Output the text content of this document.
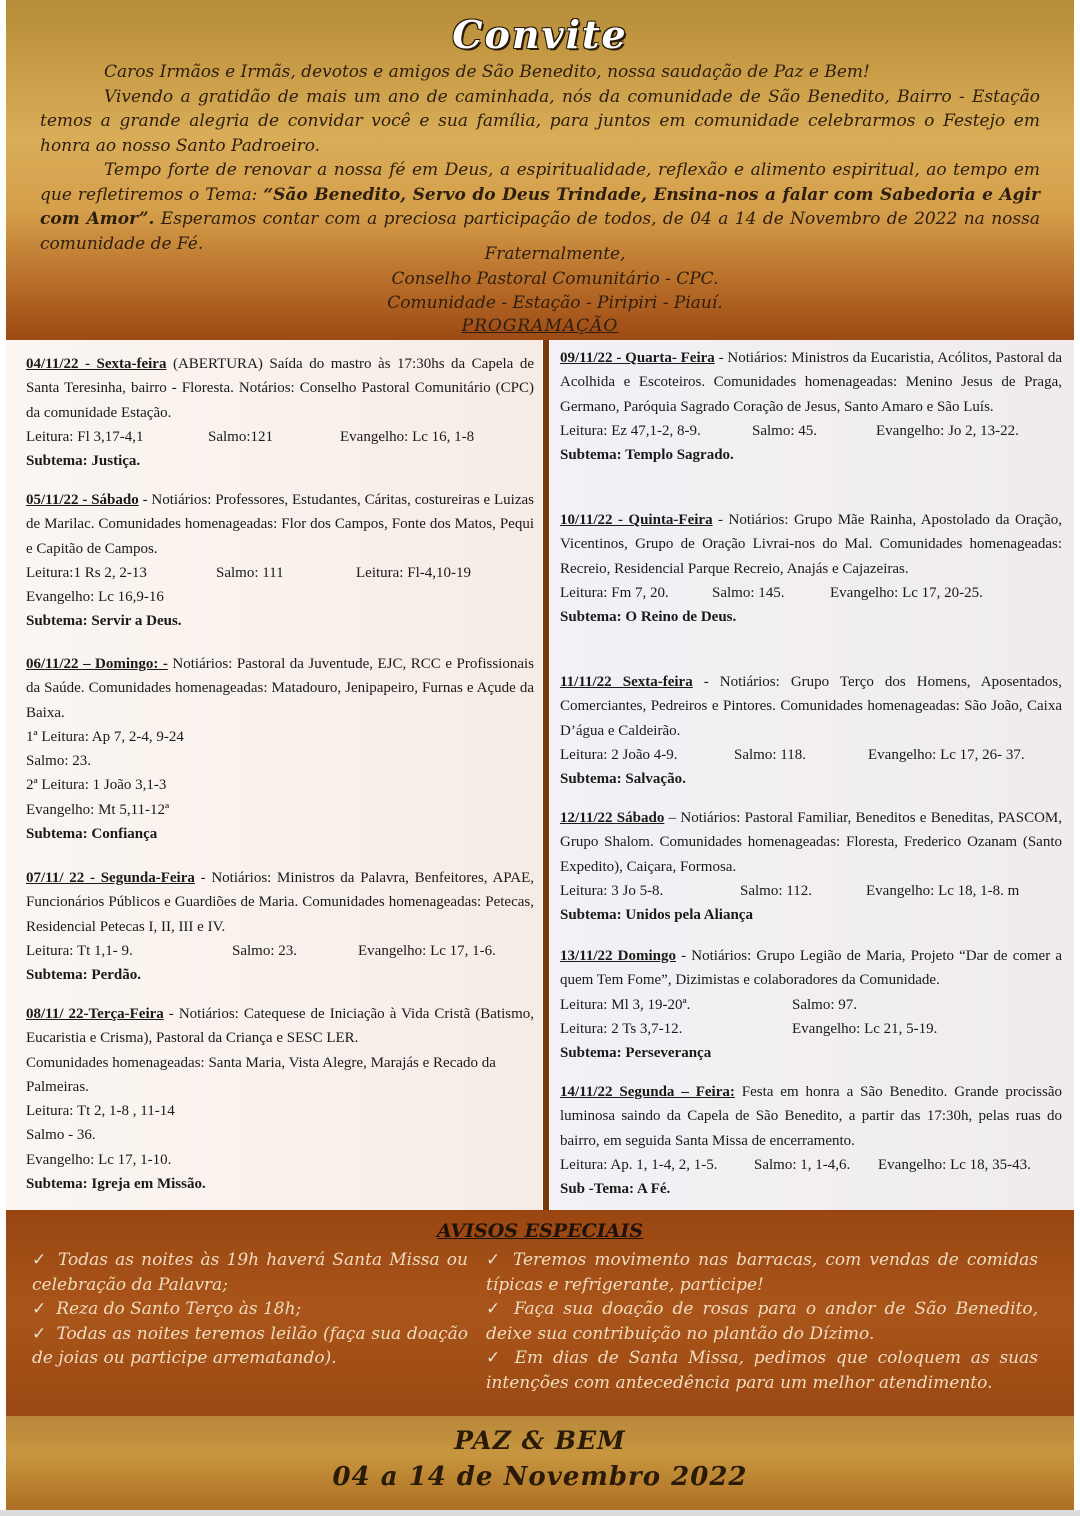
Convite

Caros Irmãos e Irmãs, devotos e amigos de São Benedito, nossa saudação de Paz e Bem!

Vivendo a gratidão de mais um ano de caminhada, nós da comunidade de São Benedito, Bairro - Estação temos a grande alegria de convidar você e sua família, para juntos em comunidade celebrarmos o Festejo em honra ao nosso Santo Padroeiro.

Tempo forte de renovar a nossa fé em Deus, a espiritualidade, reflexão e alimento espiritual, ao tempo em que refletiremos o Tema: “São Benedito, Servo do Deus Trindade, Ensina-nos a falar com Sabedoria e Agir com Amor”. Esperamos contar com a preciosa participação de todos, de 04 a 14 de Novembro de 2022 na nossa comunidade de Fé.

Fraternalmente,
Conselho Pastoral Comunitário - CPC.
Comunidade - Estação - Piripiri - Piauí.
PROGRAMAÇÃO
04/11/22 - Sexta-feira (ABERTURA) Saída do mastro às 17:30hs da Capela de Santa Teresinha, bairro - Floresta. Notários: Conselho Pastoral Comunitário (CPC) da comunidade Estação.
Leitura: Fl 3,17-4,1	Salmo:121	Evangelho: Lc 16, 1-8
Subtema: Justiça.
05/11/22 - Sábado - Notiários: Professores, Estudantes, Cáritas, costureiras e Luizas de Marilac. Comunidades homenageadas: Flor dos Campos, Fonte dos Matos, Pequi e Capitão de Campos.
Leitura:1 Rs 2, 2-13	Salmo: 111	Leitura: Fl-4,10-19
Evangelho: Lc 16,9-16
Subtema: Servir a Deus.
06/11/22 – Domingo: - Notiários: Pastoral da Juventude, EJC, RCC e Profissionais da Saúde. Comunidades homenageadas: Matadouro, Jenipapeiro, Furnas e Açude da Baixa.
1ª Leitura: Ap 7, 2-4, 9-24
Salmo: 23.
2ª Leitura: 1 João 3,1-3
Evangelho: Mt 5,11-12ª
Subtema: Confiança
07/11/ 22 - Segunda-Feira - Notiários: Ministros da Palavra, Benfeitores, APAE, Funcionários Públicos e Guardiões de Maria. Comunidades homenageadas: Petecas, Residencial Petecas I, II, III e IV.
Leitura: Tt 1,1- 9.	Salmo: 23.	Evangelho: Lc 17, 1-6.
Subtema: Perdão.
08/11/ 22-Terça-Feira - Notiários: Catequese de Iniciação à Vida Cristã (Batismo, Eucaristia e Crisma), Pastoral da Criança e SESC LER.
Comunidades homenageadas: Santa Maria, Vista Alegre, Marajás e Recado da Palmeiras.
Leitura: Tt 2, 1-8 , 11-14
Salmo - 36.
Evangelho: Lc 17, 1-10.
Subtema: Igreja em Missão.
09/11/22 - Quarta- Feira - Notiários: Ministros da Eucaristia, Acólitos, Pastoral da Acolhida e Escoteiros. Comunidades homenageadas: Menino Jesus de Praga, Germano, Paróquia Sagrado Coração de Jesus, Santo Amaro e São Luís.
Leitura: Ez 47,1-2, 8-9.	Salmo: 45.	Evangelho: Jo 2, 13-22.
Subtema: Templo Sagrado.
10/11/22 - Quinta-Feira - Notiários: Grupo Mãe Rainha, Apostolado da Oração, Vicentinos, Grupo de Oração Livrai-nos do Mal. Comunidades homenageadas: Recreio, Residencial Parque Recreio, Anajás e Cajazeiras.
Leitura: Fm 7, 20.	Salmo: 145.	Evangelho: Lc 17, 20-25.
Subtema: O Reino de Deus.
11/11/22 Sexta-feira - Notiários: Grupo Terço dos Homens, Aposentados, Comerciantes, Pedreiros e Pintores. Comunidades homenageadas: São João, Caixa D’água e Caldeirão.
Leitura: 2 João 4-9.	Salmo: 118.	Evangelho: Lc 17, 26- 37.
Subtema: Salvação.
12/11/22 Sábado – Notiários: Pastoral Familiar, Beneditos e Beneditas, PASCOM, Grupo Shalom. Comunidades homenageadas: Floresta, Frederico Ozanam (Santo Expedito), Caiçara, Formosa.
Leitura: 3 Jo 5-8.	Salmo: 112.	Evangelho: Lc 18, 1-8. m
Subtema: Unidos pela Aliança
13/11/22 Domingo - Notiários: Grupo Legião de Maria, Projeto “Dar de comer a quem Tem Fome”, Dizimistas e colaboradores da Comunidade.
Leitura: Ml 3, 19-20ª.	Salmo: 97.
Leitura: 2 Ts 3,7-12.	Evangelho: Lc 21, 5-19.
Subtema: Perseverança
14/11/22 Segunda – Feira: Festa em honra a São Benedito. Grande procissão luminosa saindo da Capela de São Benedito, a partir das 17:30h, pelas ruas do bairro, em seguida Santa Missa de encerramento.
Leitura: Ap. 1, 1-4, 2, 1-5.	Salmo: 1, 1-4,6.	Evangelho: Lc 18, 35-43.
Sub -Tema: A Fé.
AVISOS ESPECIAIS

✓ Todas as noites às 19h haverá Santa Missa ou celebração da Palavra;

✓ Reza do Santo Terço às 18h;

✓ Todas as noites teremos leilão (faça sua doação de joias ou participe arrematando).

✓ Teremos movimento nas barracas, com vendas de comidas típicas e refrigerante, participe!

✓ Faça sua doação de rosas para o andor de São Benedito, deixe sua contribuição no plantão do Dízimo.

✓ Em dias de Santa Missa, pedimos que coloquem as suas intenções com antecedência para um melhor atendimento.

PAZ & BEM
04 a 14 de Novembro 2022
